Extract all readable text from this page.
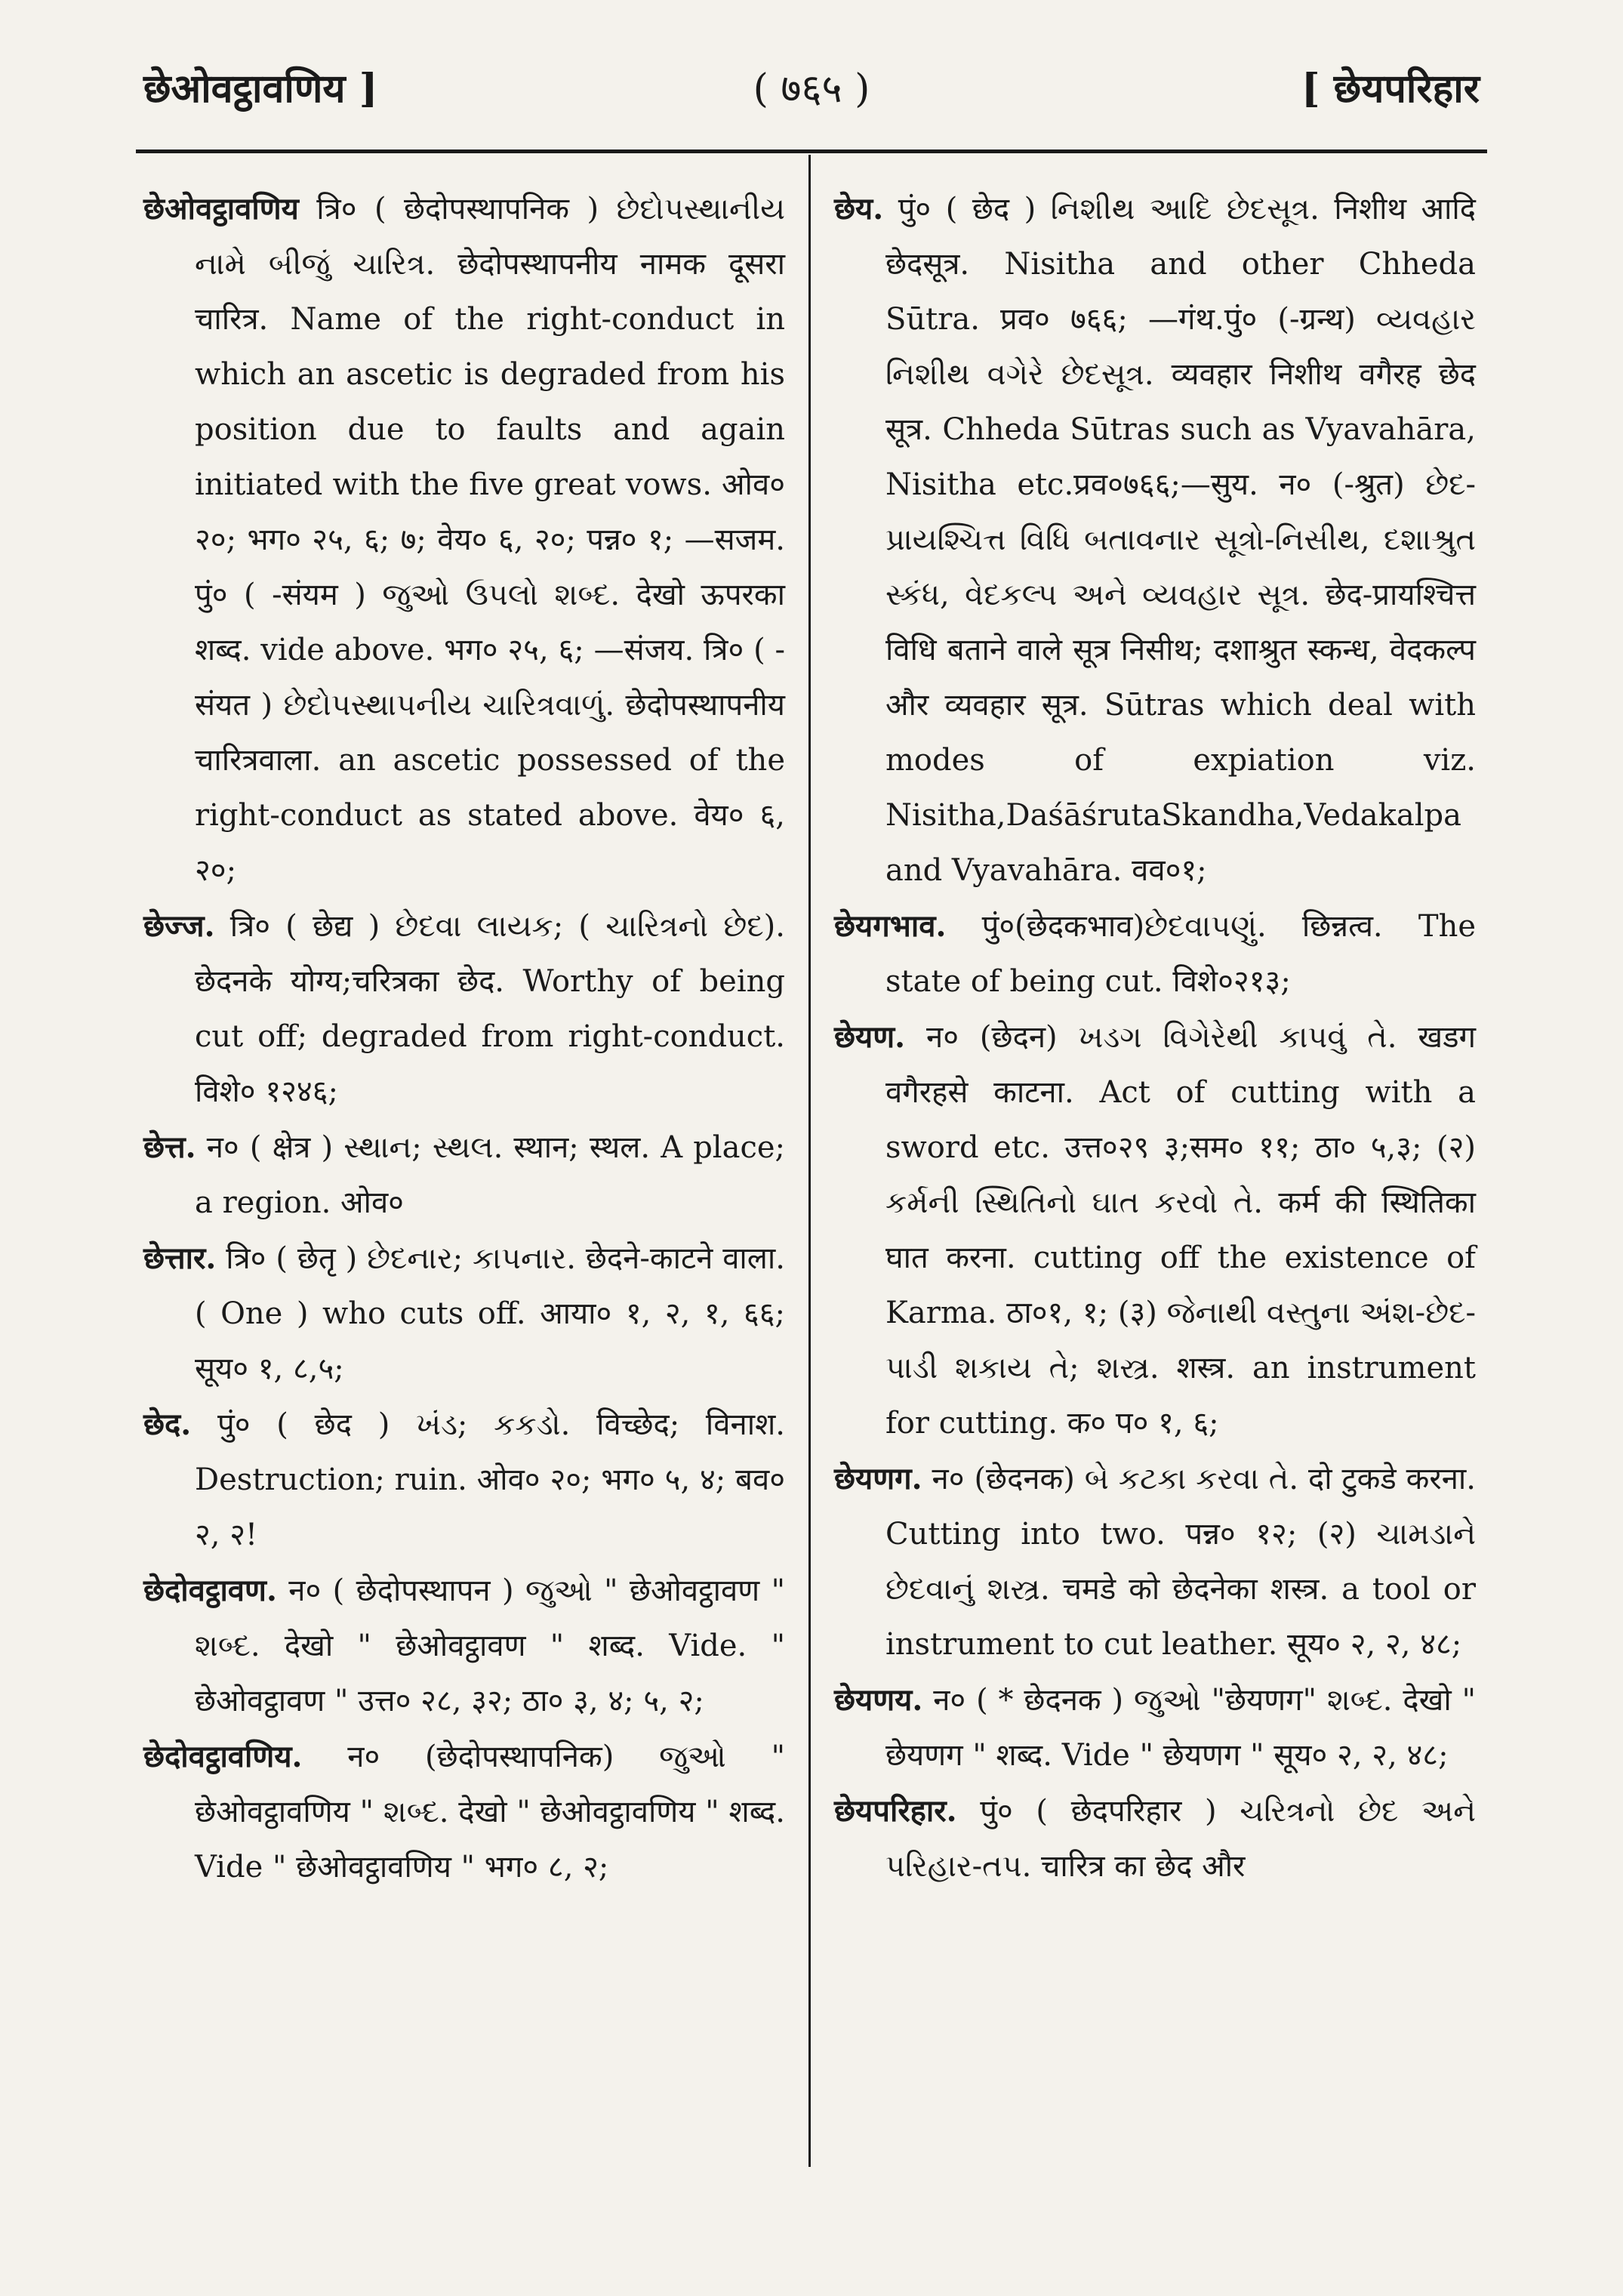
छेओवट्ठावणिय ]	( ७६५ )	[ छेयपरिहार

छेओवट्ठावणिय त्रि० ( छेदोपस्थापनिक ) છેદોપસ્થાનીય નામે બીજું ચારિત્ર. छेदोपस्थापनीय नामक दूसरा चारित्र. Name of the right-conduct in which an ascetic is degraded from his position due to faults and again initiated with the five great vows. ओव० २०; भग० २५, ६; ७; वेय० ६, २०; पन्न० १; —सजम. पुं० ( -संयम ) જુઓ ઉપલો શબ્દ. देखो ऊपरका शब्द. vide above. भग० २५, ६; —संजय. त्रि० ( -संयत ) છેદોપસ્થાપનીય ચારિત્રવાળું. छेदोपस्थापनीय चारित्रवाला. an ascetic possessed of the right-conduct as stated above. वेय० ६, २०;

छेज्ज. त्रि० ( छेद्य ) છેદવા લાયક; ( ચારિત્રનો છેદ). छेदनके योग्य;चरित्रका छेद. Worthy of being cut off; degraded from right-conduct. विशे० १२४६;

छेत्त. न० ( क्षेत्र ) સ્થાન; સ્થલ. स्थान; स्थल. A place; a region. ओव०

छेत्तार. त्रि० ( छेतृ ) છેદનાર; કાપનાર. छेदने-काटने वाला. ( One ) who cuts off. आया० १, २, १, ६६; सूय० १, ८,५;

छेद. पुं० ( छेद ) ખંડ; કકડો. विच्छेद; विनाश. Destruction; ruin. ओव० २०; भग० ५, ४; बव० २, २!

छेदोवट्ठावण. न० ( छेदोपस्थापन ) જુઓ " छेओवट्ठावण " શબ્દ. देखो " छेओवट्ठावण " शब्द. Vide. " छेओवट्ठावण " उत्त० २८, ३२; ठा० ३, ४; ५, २;

छेदोवट्ठावणिय. न० (छेदोपस्थापनिक) જુઓ " छेओवट्ठावणिय " શબ્દ. देखो " छेओवट्ठावणिय " शब्द. Vide " छेओवट्ठावणिय " भग० ८, २;

छेय. पुं० ( छेद ) નિશીથ આદિ છેદસૂત્ર. निशीथ आदि छेदसूत्र. Nisitha and other Chheda Sūtra. प्रव० ७६६; —गंथ.पुं० (-ग्रन्थ) વ્યવહાર નિશીથ વગેરે છેદસૂત્ર. व्यवहार निशीथ वगैरह छेद सूत्र. Chheda Sūtras such as Vyavahāra, Nisitha etc.प्रव०७६६;—सुय. न० (-श्रुत) છેદ-પ્રાયશ્ચિત્ત વિધિ બતાવનાર સૂત્રો-નિસીથ, દશાશ્રુત સ્કંધ, વેદકલ્પ અને વ્યવહાર સૂત્ર. छेद-प्रायश्चित्त विधि बताने वाले सूत्र निसीथ; दशाश्रुत स्कन्ध, वेदकल्प और व्यवहार सूत्र. Sūtras which deal with modes of expiation viz. Nisitha,DaśāśrutaSkandha,Vedakalpa and Vyavahāra. वव०१;

छेयगभाव. पुं०(छेदकभाव)છેદવાપણું. छिन्नत्व. The state of being cut. विशे०२१३;

छेयण. न० (छेदन) ખડગ વિગેરેથી કાપવું તે. खडग वगैरहसे काटना. Act of cutting with a sword etc. उत्त०२९ ३;सम० ११; ठा० ५,३; (२) કર્મની સ્થિતિનો ઘાત કરવો તે. कर्म की स्थितिका घात करना. cutting off the existence of Karma. ठा०१, १; (३) જેનાથી વસ્તુના અંશ-છેદ-પાડી શકાય તે; શસ્ત્ર. शस्त्र. an instrument for cutting. क० प० १, ६;

छेयणग. न० (छेदनक) બે કટકા કરવા તે. दो टुकडे करना. Cutting into two. पन्न० १२; (२) ચામડાને છેદવાનું શસ્ત્ર. चमडे को छेदनेका शस्त्र. a tool or instrument to cut leather. सूय० २, २, ४८;

छेयणय. न० ( * छेदनक ) જુઓ "छेयणग" શબ્દ. देखो " छेयणग " शब्द. Vide " छेयणग " सूय० २, २, ४८;

छेयपरिहार. पुं० ( छेदपरिहार ) ચરિત્રનો છેદ અને પરિહાર-તપ. चारित्र का छेद और
